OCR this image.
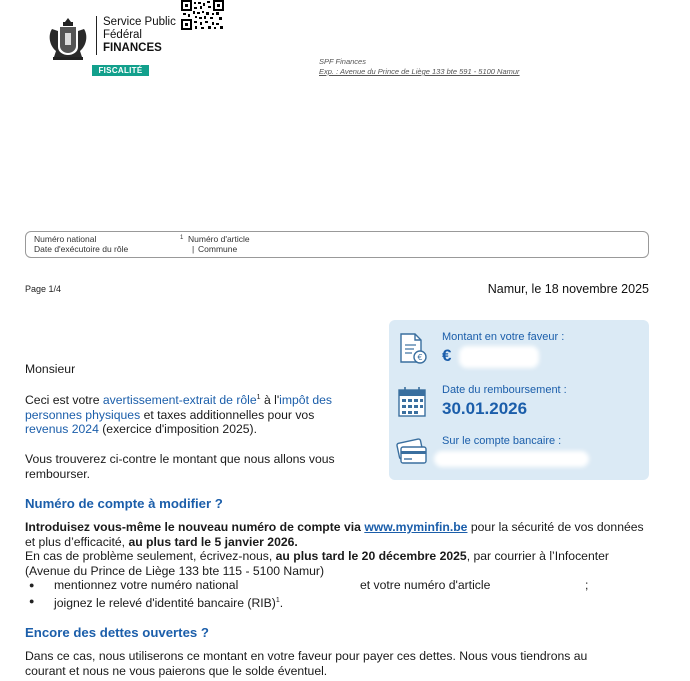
Service Public
Fédéral
FINANCES
FISCALITÉ
SPF Finances
Exp. : Avenue du Prince de Liège 133 bte 591 - 5100 Namur
Numéro national	1 Numéro d'article
Date d'exécutoire du rôle	| Commune
Page 1/4	Namur, le 18 novembre 2025
€
Montant en votre faveur :
€
Date du remboursement :
30.01.2026
Sur le compte bancaire :
Monsieur
Ceci est votre avertissement-extrait de rôle$^1$ à l'impôt des
personnes physiques et taxes additionnelles pour vos
revenus 2024 (exercice d'imposition 2025).
Vous trouverez ci-contre le montant que nous allons vous
rembourser.
Numéro de compte à modifier ?
Introduisez vous-même le nouveau numéro de compte via www.myminfin.be pour la sécurité de vos données
et plus d’efficacité, au plus tard le 5 janvier 2026.
En cas de problème seulement, écrivez-nous, au plus tard le 20 décembre 2025, par courrier à l’Infocenter
(Avenue du Prince de Liège 133 bte 115 - 5100 Namur)
● mentionnez votre numéro national	et votre numéro d'article	;
● joignez le relevé d'identité bancaire (RIB)$^1$.
Encore des dettes ouvertes ?
Dans ce cas, nous utiliserons ce montant en votre faveur pour payer ces dettes. Nous vous tiendrons au
courant et nous ne vous paierons que le solde éventuel.
